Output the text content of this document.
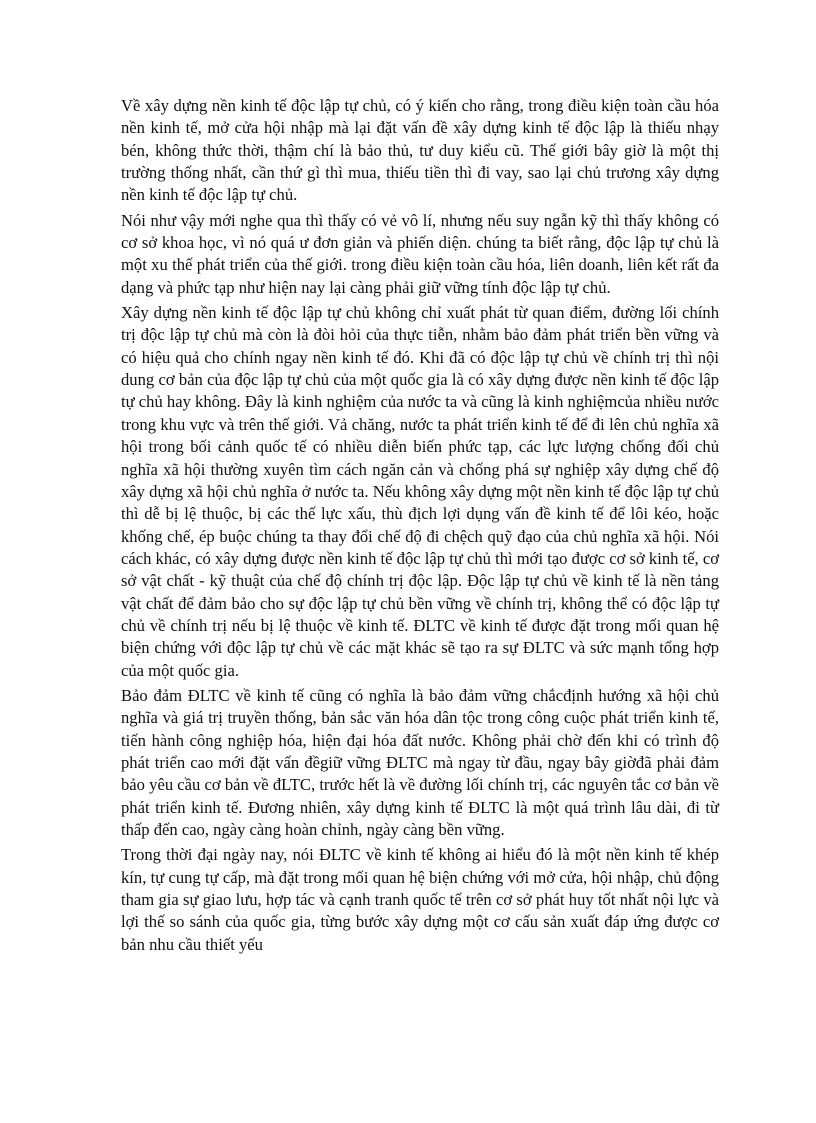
Về xây dựng nền kinh tế độc lập tự chủ, có ý kiến cho rằng, trong điều kiện toàn cầu hóa nền kinh tế, mở cửa hội nhập mà lại đặt vấn đề xây dựng kinh tế độc lập là thiếu nhạy bén, không thức thời, thậm chí là bảo thủ, tư duy kiểu cũ. Thế giới bây giờ là một thị trường thống nhất, cần thứ gì thì mua, thiếu tiền thì đi vay, sao lại chủ trương xây dựng nền kinh tế độc lập tự chủ.

Nói như vậy mới nghe qua thì thấy có vẻ vô lí, nhưng nếu suy ngẫn kỹ thì thấy không có cơ sở khoa học, vì nó quá ư đơn giản và phiến diện. chúng ta biết rằng, độc lập tự chủ là một xu thế phát triển của thế giới. trong điều kiện toàn cầu hóa, liên doanh, liên kết rất đa dạng và phức tạp như hiện nay lại càng phải giữ vững tính độc lập tự chủ.

Xây dựng nền kinh tế độc lập tự chủ không chỉ xuất phát từ quan điểm, đường lối chính trị độc lập tự chủ mà còn là đòi hỏi của thực tiễn, nhằm bảo đảm phát triển bền vững và có hiệu quả cho chính ngay nền kinh tế đó. Khi đã có độc lập tự chủ về chính trị thì nội dung cơ bản của độc lập tự chủ của một quốc gia là có xây dựng được nền kinh tế độc lập tự chủ hay không. Đây là kinh nghiệm của nước ta và cũng là kinh nghiệmcủa nhiều nước trong khu vực và trên thế giới. Vả chăng, nước ta phát triển kinh tế để đi lên chủ nghĩa xã hội trong bối cảnh quốc tế có nhiều diễn biến phức tạp, các lực lượng chống đối chủ nghĩa xã hội thường xuyên tìm cách ngăn cản và chống phá sự nghiệp xây dựng chế độ xây dựng xã hội chủ nghĩa ở nước ta. Nếu không xây dựng một nền kinh tế độc lập tự chủ thì dễ bị lệ thuộc, bị các thế lực xấu, thù địch lợi dụng vấn đề kinh tế để lôi kéo, hoặc khống chế, ép buộc chúng ta thay đổi chế độ đi chệch quỹ đạo của chủ nghĩa xã hội. Nói cách khác, có xây dựng được nền kinh tế độc lập tự chủ thì mới tạo được cơ sở kinh tế, cơ sở vật chất - kỹ thuật của chế độ chính trị độc lập. Độc lập tự chủ về kinh tế là nền tảng vật chất để đảm bảo cho sự độc lập tự chủ bền vững về chính trị, không thể có độc lập tự chủ về chính trị nếu bị lệ thuộc về kinh tế. ĐLTC về kinh tế được đặt trong mối quan hệ biện chứng với độc lập tự chủ về các mặt khác sẽ tạo ra sự ĐLTC và sức mạnh tổng hợp của một quốc gia.

Bảo đảm ĐLTC về kinh tế cũng có nghĩa là bảo đảm vững chắcđịnh hướng xã hội chủ nghĩa và giá trị truyền thống, bản sắc văn hóa dân tộc trong công cuộc phát triển kinh tế, tiến hành công nghiệp hóa, hiện đại hóa đất nước. Không phải chờ đến khi có trình độ phát triển cao mới đặt vấn đềgiữ vững ĐLTC mà ngay từ đầu, ngay bây giờđã phải đảm bảo yêu cầu cơ bản về đLTC, trước hết là về đường lối chính trị, các nguyên tắc cơ bản về phát triển kinh tế. Đương nhiên, xây dựng kinh tế ĐLTC là một quá trình lâu dài, đi từ thấp đến cao, ngày càng hoàn chỉnh, ngày càng bền vững.

Trong thời đại ngày nay, nói ĐLTC về kinh tế không ai hiểu đó là một nền kinh tế khép kín, tự cung tự cấp, mà đặt trong mối quan hệ biện chứng với mở cửa, hội nhập, chủ động tham gia sự giao lưu, hợp tác và cạnh tranh quốc tế trên cơ sở phát huy tốt nhất nội lực và lợi thế so sánh của quốc gia, từng bước xây dựng một cơ cấu sản xuất đáp ứng được cơ bản nhu cầu thiết yếu
